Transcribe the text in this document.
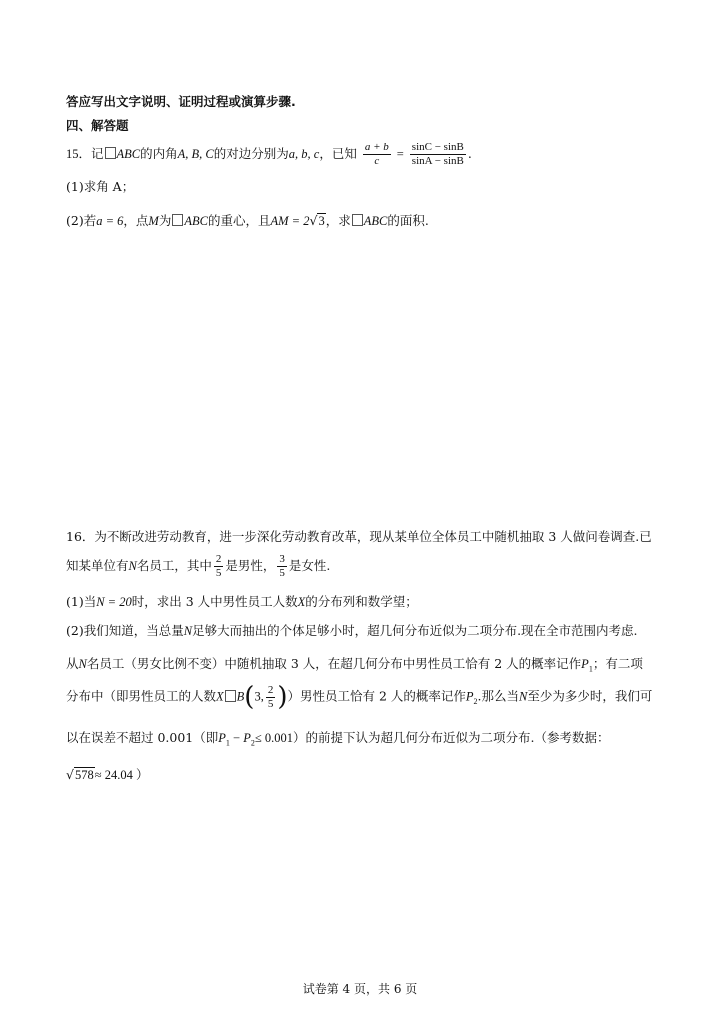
答应写出文字说明、证明过程或演算步骤.
四、解答题
15．记 ABC的内角A, B, C的对边分别为a, b, c，已知 $\frac{a + b}{c} = \frac{\sin C - \sin B}{\sin A - \sin B}$ .
(1)求角 A；
(2)若a = 6，点M为 ABC的重心，且AM = 2√3，求 ABC的面积.
16．为不断改进劳动教育，进一步深化劳动教育改革，现从某单位全体员工中随机抽取 3 人做问卷调查.已
知某单位有N名员工，其中 $\frac{2}{5}$ 是男性， $\frac{3}{5}$ 是女性.
(1)当N = 20时，求出 3 人中男性员工人数X的分布列和数学望；
(2)我们知道，当总量N足够大而抽出的个体足够小时，超几何分布近似为二项分布.现在全市范围内考虑.
从N名员工（男女比例不变）中随机抽取 3 人，在超几何分布中男性员工恰有 2 人的概率记作$P_1$；有二项
分布中（即男性员工的人数X B(3, $\frac{2}{5}$ )）男性员工恰有 2 人的概率记作$P_2$.那么当N至少为多少时，我们可
以在误差不超过 0.001（即$P_1 - P_2\le 0.001$）的前提下认为超几何分布近似为二项分布.（参考数据：
√578≈ 24.04 ）
试卷第 4 页，共 6 页
